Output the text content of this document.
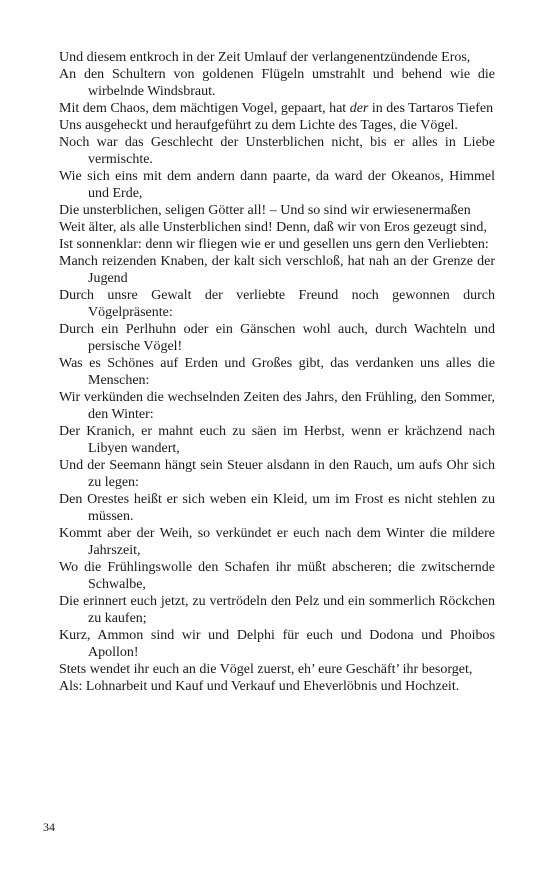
Und diesem entkroch in der Zeit Umlauf der verlangenentzündende Eros,

An den Schultern von goldenen Flügeln umstrahlt und behend wie die wirbelnde Windsbraut.

Mit dem Chaos, dem mächtigen Vogel, gepaart, hat der in des Tartaros Tiefen

Uns ausgeheckt und heraufgeführt zu dem Lichte des Tages, die Vögel.

Noch war das Geschlecht der Unsterblichen nicht, bis er alles in Liebe vermischte.

Wie sich eins mit dem andern dann paarte, da ward der Okeanos, Himmel und Erde,

Die unsterblichen, seligen Götter all! – Und so sind wir erwiesenermaßen

Weit älter, als alle Unsterblichen sind! Denn, daß wir von Eros gezeugt sind,

Ist sonnenklar: denn wir fliegen wie er und gesellen uns gern den Verliebten:

Manch reizenden Knaben, der kalt sich verschloß, hat nah an der Grenze der Jugend

Durch unsre Gewalt der verliebte Freund noch gewonnen durch Vögelpräsente:

Durch ein Perlhuhn oder ein Gänschen wohl auch, durch Wachteln und persische Vögel!

Was es Schönes auf Erden und Großes gibt, das verdanken uns alles die Menschen:

Wir verkünden die wechselnden Zeiten des Jahrs, den Frühling, den Sommer, den Winter:

Der Kranich, er mahnt euch zu säen im Herbst, wenn er krächzend nach Libyen wandert,

Und der Seemann hängt sein Steuer alsdann in den Rauch, um aufs Ohr sich zu legen:

Den Orestes heißt er sich weben ein Kleid, um im Frost es nicht stehlen zu müssen.

Kommt aber der Weih, so verkündet er euch nach dem Winter die mildere Jahrszeit,

Wo die Frühlingswolle den Schafen ihr müßt abscheren; die zwitschernde Schwalbe,

Die erinnert euch jetzt, zu vertrödeln den Pelz und ein sommerlich Röckchen zu kaufen;

Kurz, Ammon sind wir und Delphi für euch und Dodona und Phoibos Apollon!

Stets wendet ihr euch an die Vögel zuerst, eh’ eure Geschäft’ ihr besorget,

Als: Lohnarbeit und Kauf und Verkauf und Eheverlöbnis und Hochzeit.

34
